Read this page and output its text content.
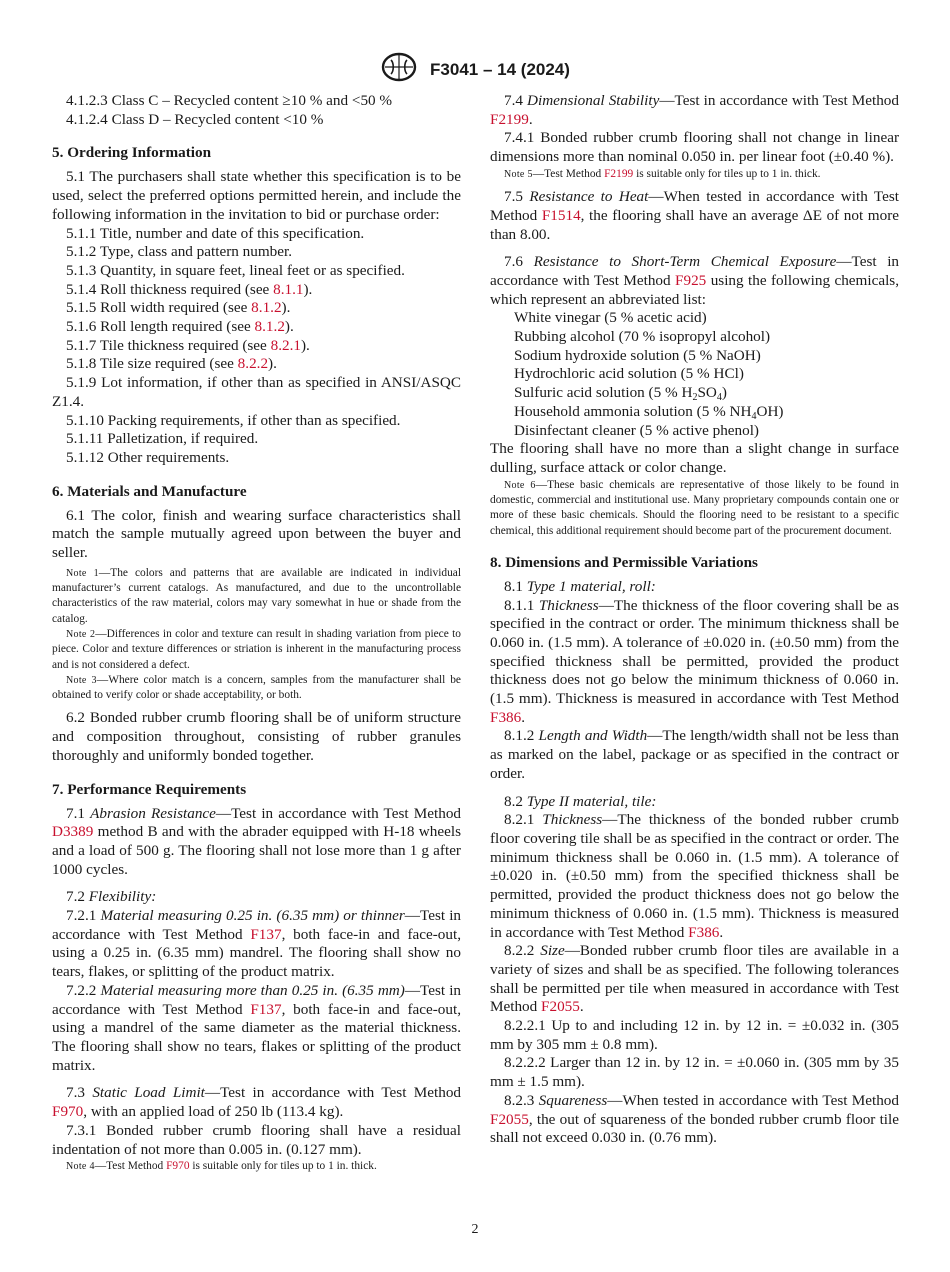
F3041 – 14 (2024)

4.1.2.3 Class C – Recycled content ≥10 % and <50 %

4.1.2.4 Class D – Recycled content <10 %

5. Ordering Information

5.1 The purchasers shall state whether this specification is to be used, select the preferred options permitted herein, and include the following information in the invitation to bid or purchase order:

5.1.1 Title, number and date of this specification.

5.1.2 Type, class and pattern number.

5.1.3 Quantity, in square feet, lineal feet or as specified.

5.1.4 Roll thickness required (see 8.1.1).

5.1.5 Roll width required (see 8.1.2).

5.1.6 Roll length required (see 8.1.2).

5.1.7 Tile thickness required (see 8.2.1).

5.1.8 Tile size required (see 8.2.2).

5.1.9 Lot information, if other than as specified in ANSI/ASQC Z1.4.

5.1.10 Packing requirements, if other than as specified.

5.1.11 Palletization, if required.

5.1.12 Other requirements.

6. Materials and Manufacture

6.1 The color, finish and wearing surface characteristics shall match the sample mutually agreed upon between the buyer and seller.

Note 1—The colors and patterns that are available are indicated in individual manufacturer’s current catalogs. As manufactured, and due to the uncontrollable characteristics of the raw material, colors may vary somewhat in hue or shade from the catalog.

Note 2—Differences in color and texture can result in shading variation from piece to piece. Color and texture differences or striation is inherent in the manufacturing process and is not considered a defect.

Note 3—Where color match is a concern, samples from the manufacturer shall be obtained to verify color or shade acceptability, or both.

6.2 Bonded rubber crumb flooring shall be of uniform structure and composition throughout, consisting of rubber granules thoroughly and uniformly bonded together.

7. Performance Requirements

7.1 Abrasion Resistance—Test in accordance with Test Method D3389 method B and with the abrader equipped with H-18 wheels and a load of 500 g. The flooring shall not lose more than 1 g after 1000 cycles.

7.2 Flexibility:

7.2.1 Material measuring 0.25 in. (6.35 mm) or thinner—Test in accordance with Test Method F137, both face-in and face-out, using a 0.25 in. (6.35 mm) mandrel. The flooring shall show no tears, flakes, or splitting of the product matrix.

7.2.2 Material measuring more than 0.25 in. (6.35 mm)—Test in accordance with Test Method F137, both face-in and face-out, using a mandrel of the same diameter as the material thickness. The flooring shall show no tears, flakes or splitting of the product matrix.

7.3 Static Load Limit—Test in accordance with Test Method F970, with an applied load of 250 lb (113.4 kg).

7.3.1 Bonded rubber crumb flooring shall have a residual indentation of not more than 0.005 in. (0.127 mm).

Note 4—Test Method F970 is suitable only for tiles up to 1 in. thick.

7.4 Dimensional Stability—Test in accordance with Test Method F2199.

7.4.1 Bonded rubber crumb flooring shall not change in linear dimensions more than nominal 0.050 in. per linear foot (±0.40 %).

Note 5—Test Method F2199 is suitable only for tiles up to 1 in. thick.

7.5 Resistance to Heat—When tested in accordance with Test Method F1514, the flooring shall have an average ΔE of not more than 8.00.

7.6 Resistance to Short-Term Chemical Exposure—Test in accordance with Test Method F925 using the following chemicals, which represent an abbreviated list:

White vinegar (5 % acetic acid)

Rubbing alcohol (70 % isopropyl alcohol)

Sodium hydroxide solution (5 % NaOH)

Hydrochloric acid solution (5 % HCl)

Sulfuric acid solution (5 % $H_2SO_4$)

Household ammonia solution (5 % $NH_4OH$)

Disinfectant cleaner (5 % active phenol)

The flooring shall have no more than a slight change in surface dulling, surface attack or color change.

Note 6—These basic chemicals are representative of those likely to be found in domestic, commercial and institutional use. Many proprietary compounds contain one or more of these basic chemicals. Should the flooring need to be resistant to a specific chemical, this additional requirement should become part of the procurement document.

8. Dimensions and Permissible Variations

8.1 Type 1 material, roll:

8.1.1 Thickness—The thickness of the floor covering shall be as specified in the contract or order. The minimum thickness shall be 0.060 in. (1.5 mm). A tolerance of ±0.020 in. (±0.50 mm) from the specified thickness shall be permitted, provided the product thickness does not go below the minimum thickness of 0.060 in. (1.5 mm). Thickness is measured in accordance with Test Method F386.

8.1.2 Length and Width—The length/width shall not be less than as marked on the label, package or as specified in the contract or order.

8.2 Type II material, tile:

8.2.1 Thickness—The thickness of the bonded rubber crumb floor covering tile shall be as specified in the contract or order. The minimum thickness shall be 0.060 in. (1.5 mm). A tolerance of ±0.020 in. (±0.50 mm) from the specified thickness shall be permitted, provided the product thickness does not go below the minimum thickness of 0.060 in. (1.5 mm). Thickness is measured in accordance with Test Method F386.

8.2.2 Size—Bonded rubber crumb floor tiles are available in a variety of sizes and shall be as specified. The following tolerances shall be permitted per tile when measured in accordance with Test Method F2055.

8.2.2.1 Up to and including 12 in. by 12 in. = ±0.032 in. (305 mm by 305 mm ± 0.8 mm).

8.2.2.2 Larger than 12 in. by 12 in. = ±0.060 in. (305 mm by 35 mm ± 1.5 mm).

8.2.3 Squareness—When tested in accordance with Test Method F2055, the out of squareness of the bonded rubber crumb floor tile shall not exceed 0.030 in. (0.76 mm).

2
